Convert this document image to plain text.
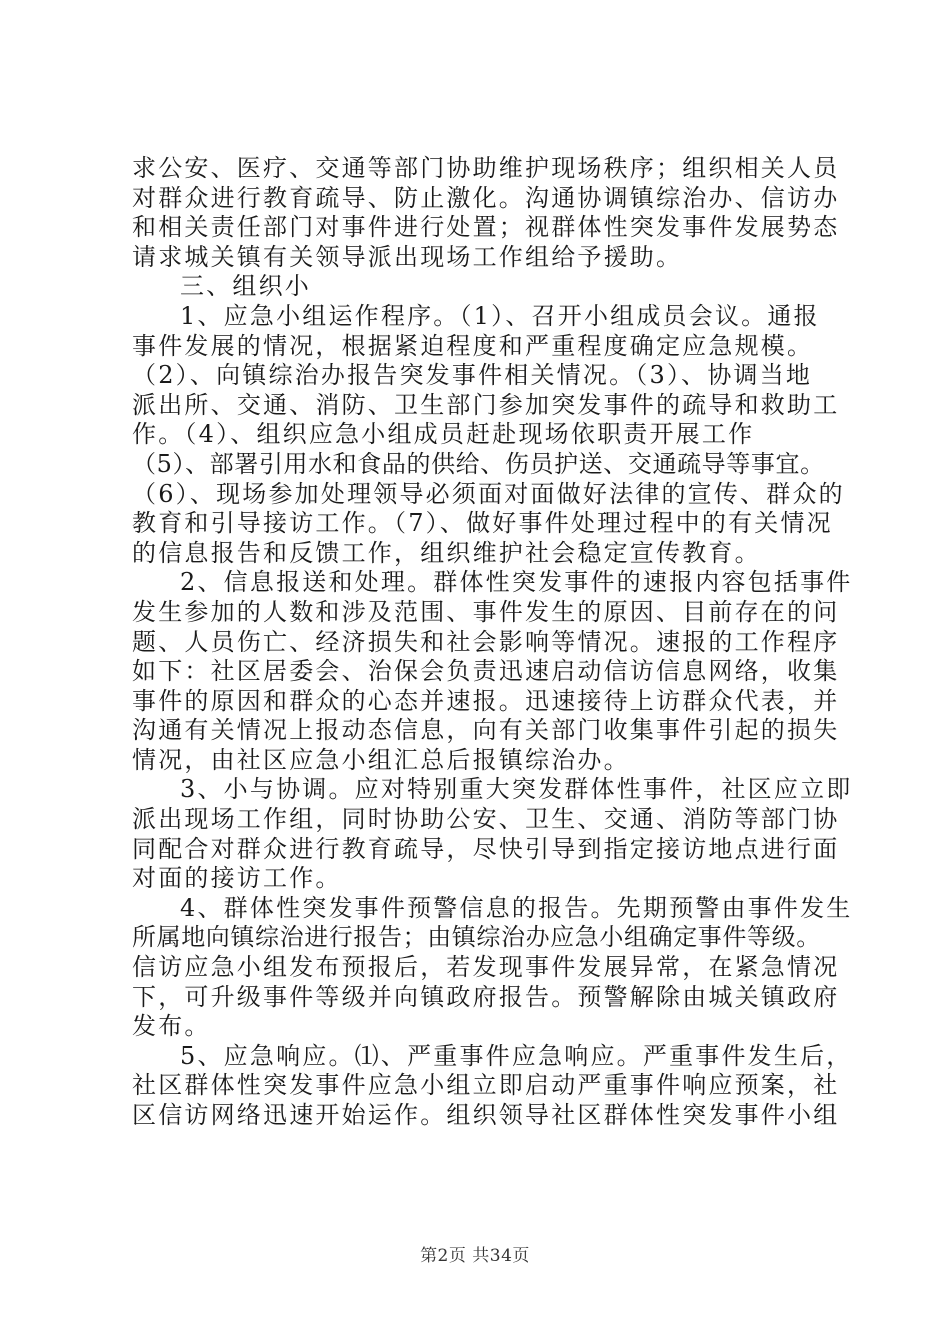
求公安、医疗、交通等部门协助维护现场秩序；组织相关人员
对群众进行教育疏导、防止激化。沟通协调镇综治办、信访办
和相关责任部门对事件进行处置；视群体性突发事件发展势态
请求城关镇有关领导派出现场工作组给予援助。
三、组织小
1、应急小组运作程序。（1）、召开小组成员会议。通报
事件发展的情况，根据紧迫程度和严重程度确定应急规模。
（2）、向镇综治办报告突发事件相关情况。（3）、协调当地
派出所、交通、消防、卫生部门参加突发事件的疏导和救助工
作。（4）、组织应急小组成员赶赴现场依职责开展工作
（5）、部署引用水和食品的供给、伤员护送、交通疏导等事宜。
（6）、现场参加处理领导必须面对面做好法律的宣传、群众的
教育和引导接访工作。（7）、做好事件处理过程中的有关情况
的信息报告和反馈工作，组织维护社会稳定宣传教育。
2、信息报送和处理。群体性突发事件的速报内容包括事件
发生参加的人数和涉及范围、事件发生的原因、目前存在的问
题、人员伤亡、经济损失和社会影响等情况。速报的工作程序
如下：社区居委会、治保会负责迅速启动信访信息网络，收集
事件的原因和群众的心态并速报。迅速接待上访群众代表，并
沟通有关情况上报动态信息，向有关部门收集事件引起的损失
情况，由社区应急小组汇总后报镇综治办。
3、小与协调。应对特别重大突发群体性事件，社区应立即
派出现场工作组，同时协助公安、卫生、交通、消防等部门协
同配合对群众进行教育疏导，尽快引导到指定接访地点进行面
对面的接访工作。
4、群体性突发事件预警信息的报告。先期预警由事件发生
所属地向镇综治进行报告；由镇综治办应急小组确定事件等级。
信访应急小组发布预报后，若发现事件发展异常，在紧急情况
下，可升级事件等级并向镇政府报告。预警解除由城关镇政府
发布。
5、应急响应。⑴、严重事件应急响应。严重事件发生后，
社区群体性突发事件应急小组立即启动严重事件响应预案，社
区信访网络迅速开始运作。组织领导社区群体性突发事件小组
第2页 共34页
